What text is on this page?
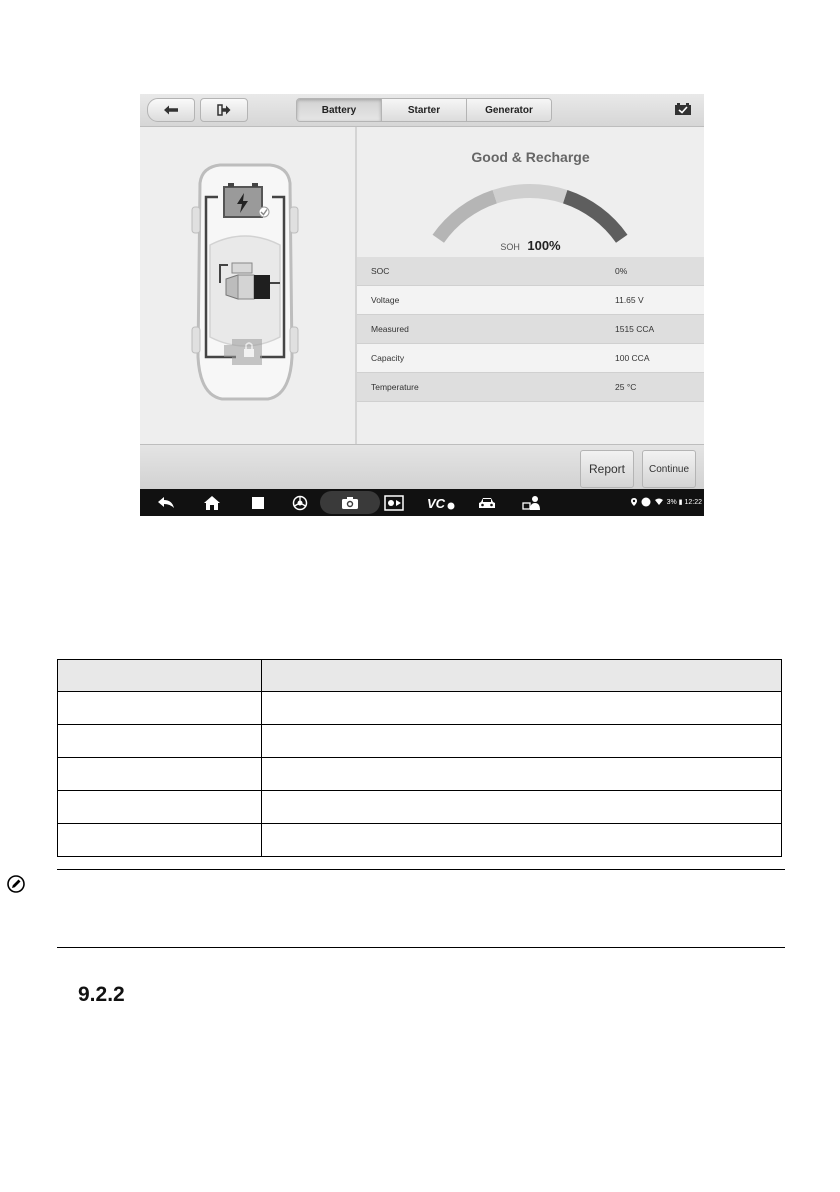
Battery	Starter	Generator
Good & Recharge
SOH 100%
SOC	0%
Voltage	11.65 V
Measured	1515 CCA
Capacity	100 CCA
Temperature	25 °C
Report	Continue
VC	3% ▮ 12:22

9.2.2
